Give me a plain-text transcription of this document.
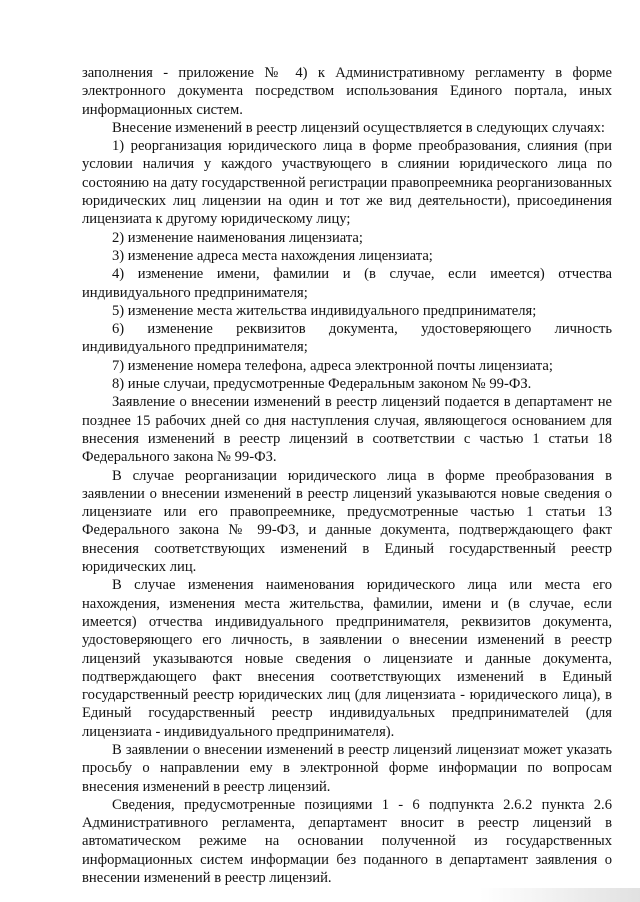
заполнения - приложение № 4) к Административному регламенту в форме электронного документа посредством использования Единого портала, иных информационных систем.

Внесение изменений в реестр лицензий осуществляется в следующих случаях:

1) реорганизация юридического лица в форме преобразования, слияния (при условии наличия у каждого участвующего в слиянии юридического лица по состоянию на дату государственной регистрации правопреемника реорганизованных юридических лиц лицензии на один и тот же вид деятельности), присоединения лицензиата к другому юридическому лицу;

2) изменение наименования лицензиата;

3) изменение адреса места нахождения лицензиата;

4) изменение имени, фамилии и (в случае, если имеется) отчества индивидуального предпринимателя;

5) изменение места жительства индивидуального предпринимателя;

6) изменение реквизитов документа, удостоверяющего личность индивидуального предпринимателя;

7) изменение номера телефона, адреса электронной почты лицензиата;

8) иные случаи, предусмотренные Федеральным законом № 99-ФЗ.

Заявление о внесении изменений в реестр лицензий подается в департамент не позднее 15 рабочих дней со дня наступления случая, являющегося основанием для внесения изменений в реестр лицензий в соответствии с частью 1 статьи 18 Федерального закона № 99-ФЗ.

В случае реорганизации юридического лица в форме преобразования в заявлении о внесении изменений в реестр лицензий указываются новые сведения о лицензиате или его правопреемнике, предусмотренные частью 1 статьи 13 Федерального закона № 99-ФЗ, и данные документа, подтверждающего факт внесения соответствующих изменений в Единый государственный реестр юридических лиц.

В случае изменения наименования юридического лица или места его нахождения, изменения места жительства, фамилии, имени и (в случае, если имеется) отчества индивидуального предпринимателя, реквизитов документа, удостоверяющего его личность, в заявлении о внесении изменений в реестр лицензий указываются новые сведения о лицензиате и данные документа, подтверждающего факт внесения соответствующих изменений в Единый государственный реестр юридических лиц (для лицензиата - юридического лица), в Единый государственный реестр индивидуальных предпринимателей (для лицензиата - индивидуального предпринимателя).

В заявлении о внесении изменений в реестр лицензий лицензиат может указать просьбу о направлении ему в электронной форме информации по вопросам внесения изменений в реестр лицензий.

Сведения, предусмотренные позициями 1 - 6 подпункта 2.6.2 пункта 2.6 Административного регламента, департамент вносит в реестр лицензий в автоматическом режиме на основании полученной из государственных информационных систем информации без поданного в департамент заявления о внесении изменений в реестр лицензий.
